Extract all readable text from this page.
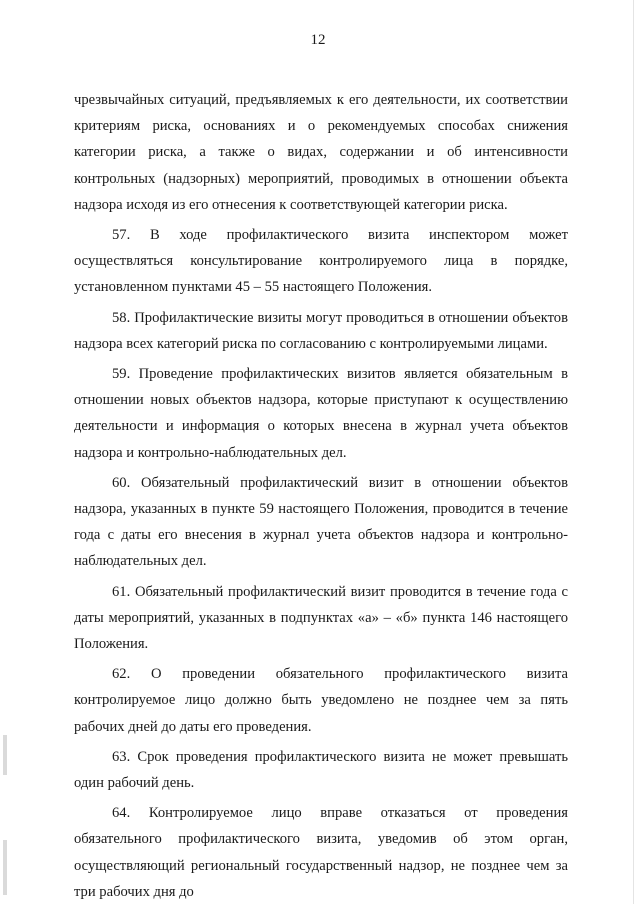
12

чрезвычайных ситуаций, предъявляемых к его деятельности, их соответствии критериям риска, основаниях и о рекомендуемых способах снижения категории риска, а также о видах, содержании и об интенсивности контрольных (надзорных) мероприятий, проводимых в отношении объекта надзора исходя из его отнесения к соответствующей категории риска.

57. В ходе профилактического визита инспектором может осуществляться консультирование контролируемого лица в порядке, установленном пунктами 45 – 55 настоящего Положения.

58. Профилактические визиты могут проводиться в отношении объектов надзора всех категорий риска по согласованию с контролируемыми лицами.

59. Проведение профилактических визитов является обязательным в отношении новых объектов надзора, которые приступают к осуществлению деятельности и информация о которых внесена в журнал учета объектов надзора и контрольно-наблюдательных дел.

60. Обязательный профилактический визит в отношении объектов надзора, указанных в пункте 59 настоящего Положения, проводится в течение года с даты его внесения в журнал учета объектов надзора и контрольно-наблюдательных дел.

61. Обязательный профилактический визит проводится в течение года с даты мероприятий, указанных в подпунктах «а» – «б» пункта 146 настоящего Положения.

62. О проведении обязательного профилактического визита контролируемое лицо должно быть уведомлено не позднее чем за пять рабочих дней до даты его проведения.

63. Срок проведения профилактического визита не может превышать один рабочий день.

64. Контролируемое лицо вправе отказаться от проведения обязательного профилактического визита, уведомив об этом орган, осуществляющий региональный государственный надзор, не позднее чем за три рабочих дня до
